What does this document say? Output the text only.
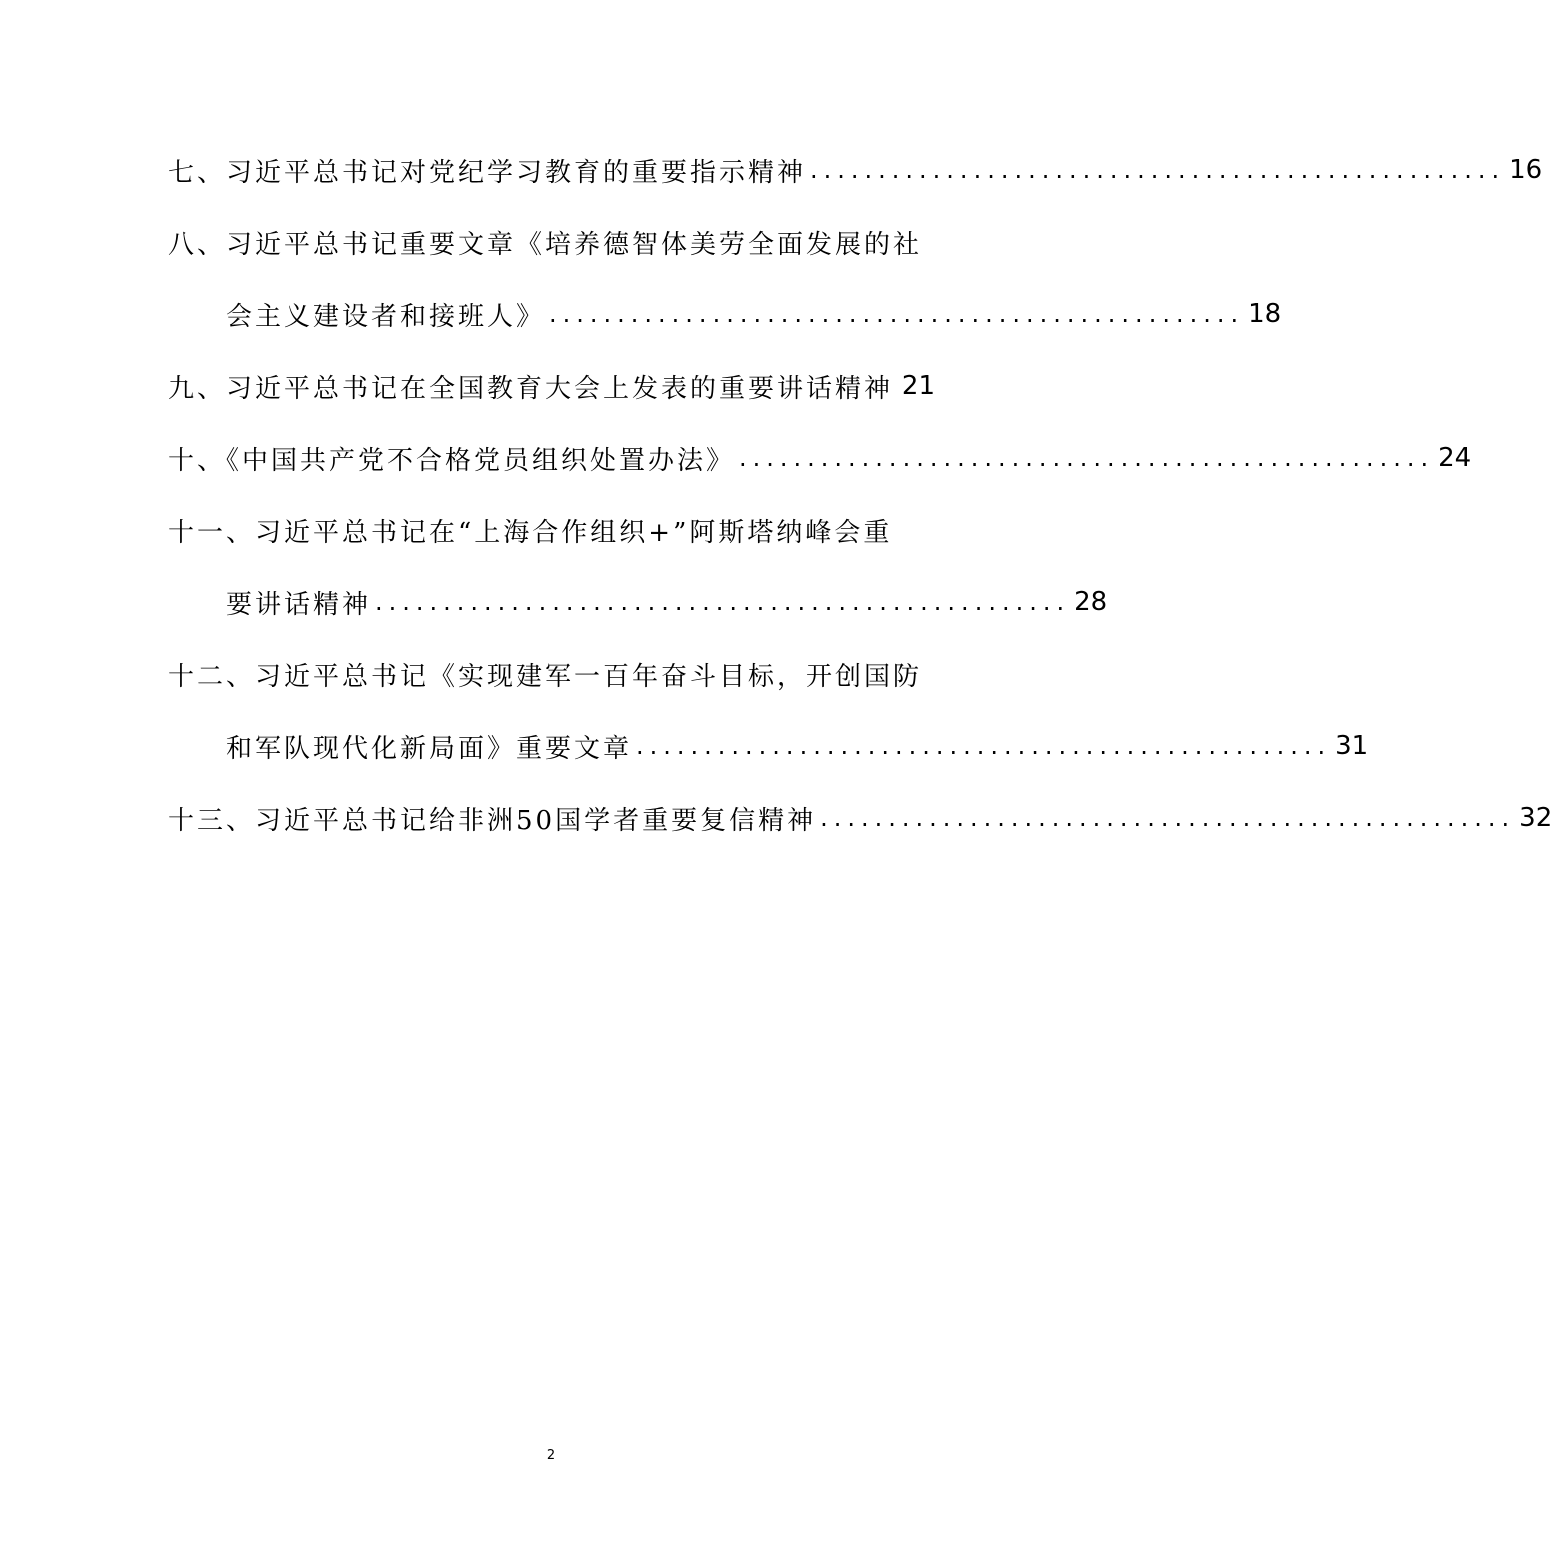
七、习近平总书记对党纪学习教育的重要指示精神 ................................................... 16
八、习近平总书记重要文章《培养德智体美劳全面发展的社
会主义建设者和接班人》 ................................................... 18
九、习近平总书记在全国教育大会上发表的重要讲话精神 21
十、《中国共产党不合格党员组织处置办法》 ................................................... 24
十一、习近平总书记在“上海合作组织+”阿斯塔纳峰会重
要讲话精神 ................................................... 28
十二、习近平总书记《实现建军一百年奋斗目标，开创国防
和军队现代化新局面》重要文章 ................................................... 31
十三、习近平总书记给非洲50国学者重要复信精神 ................................................... 32
2
